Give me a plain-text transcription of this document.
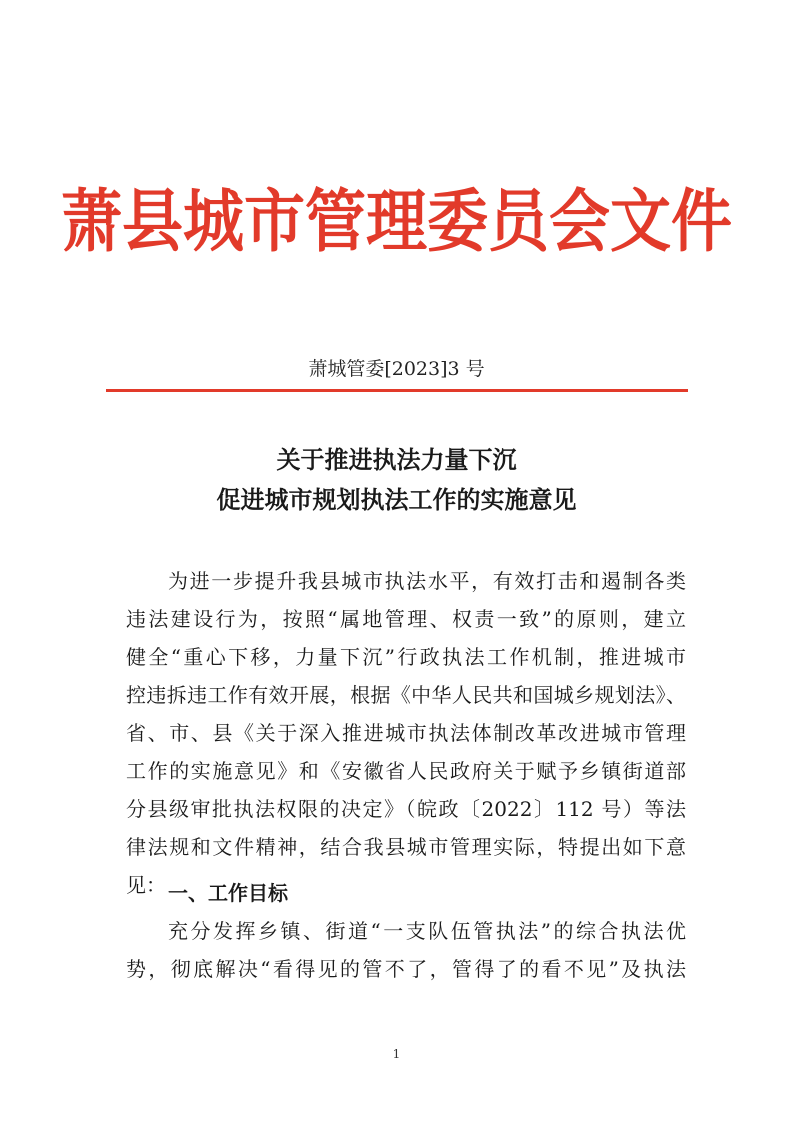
萧县城市管理委员会文件
萧城管委[2023]3 号
关于推进执法力量下沉
促进城市规划执法工作的实施意见
为进一步提升我县城市执法水平，有效打击和遏制各类
违法建设行为，按照“属地管理、权责一致”的原则，建立
健全“重心下移，力量下沉”行政执法工作机制，推进城市
控违拆违工作有效开展，根据《中华人民共和国城乡规划法》、
省、市、县《关于深入推进城市执法体制改革改进城市管理
工作的实施意见》和《安徽省人民政府关于赋予乡镇街道部
分县级审批执法权限的决定》（皖政〔2022〕112 号）等法
律法规和文件精神，结合我县城市管理实际，特提出如下意
见： 一、工作目标
充分发挥乡镇、街道“一支队伍管执法”的综合执法优
势，彻底解决“看得见的管不了，管得了的看不见”及执法
1
